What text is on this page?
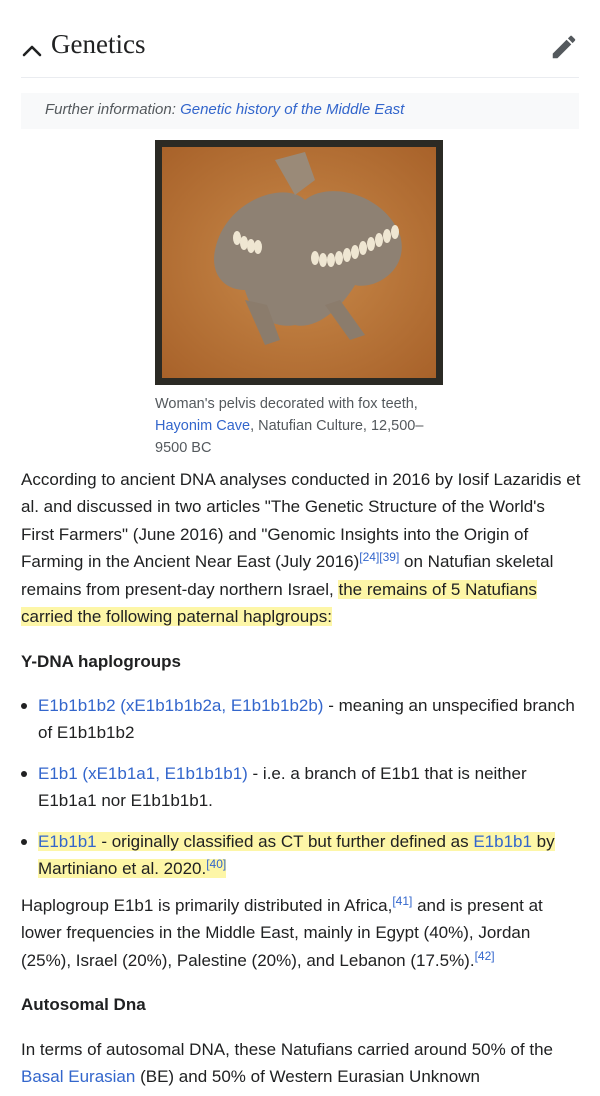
Genetics
Further information: Genetic history of the Middle East
Woman's pelvis decorated with fox teeth, Hayonim Cave, Natufian Culture, 12,500–9500 BC
According to ancient DNA analyses conducted in 2016 by Iosif Lazaridis et al. and discussed in two articles "The Genetic Structure of the World's First Farmers" (June 2016) and "Genomic Insights into the Origin of Farming in the Ancient Near East (July 2016)[24][39] on Natufian skeletal remains from present-day northern Israel, the remains of 5 Natufians carried the following paternal haplgroups:
Y-DNA haplogroups
E1b1b1b2 (xE1b1b1b2a, E1b1b1b2b) - meaning an unspecified branch of E1b1b1b2
E1b1 (xE1b1a1, E1b1b1b1) - i.e. a branch of E1b1 that is neither E1b1a1 nor E1b1b1b1.
E1b1b1 - originally classified as CT but further defined as E1b1b1 by Martiniano et al. 2020.[40]
Haplogroup E1b1 is primarily distributed in Africa,[41] and is present at lower frequencies in the Middle East, mainly in Egypt (40%), Jordan (25%), Israel (20%), Palestine (20%), and Lebanon (17.5%).[42]
Autosomal Dna
In terms of autosomal DNA, these Natufians carried around 50% of the Basal Eurasian (BE) and 50% of Western Eurasian Unknown
